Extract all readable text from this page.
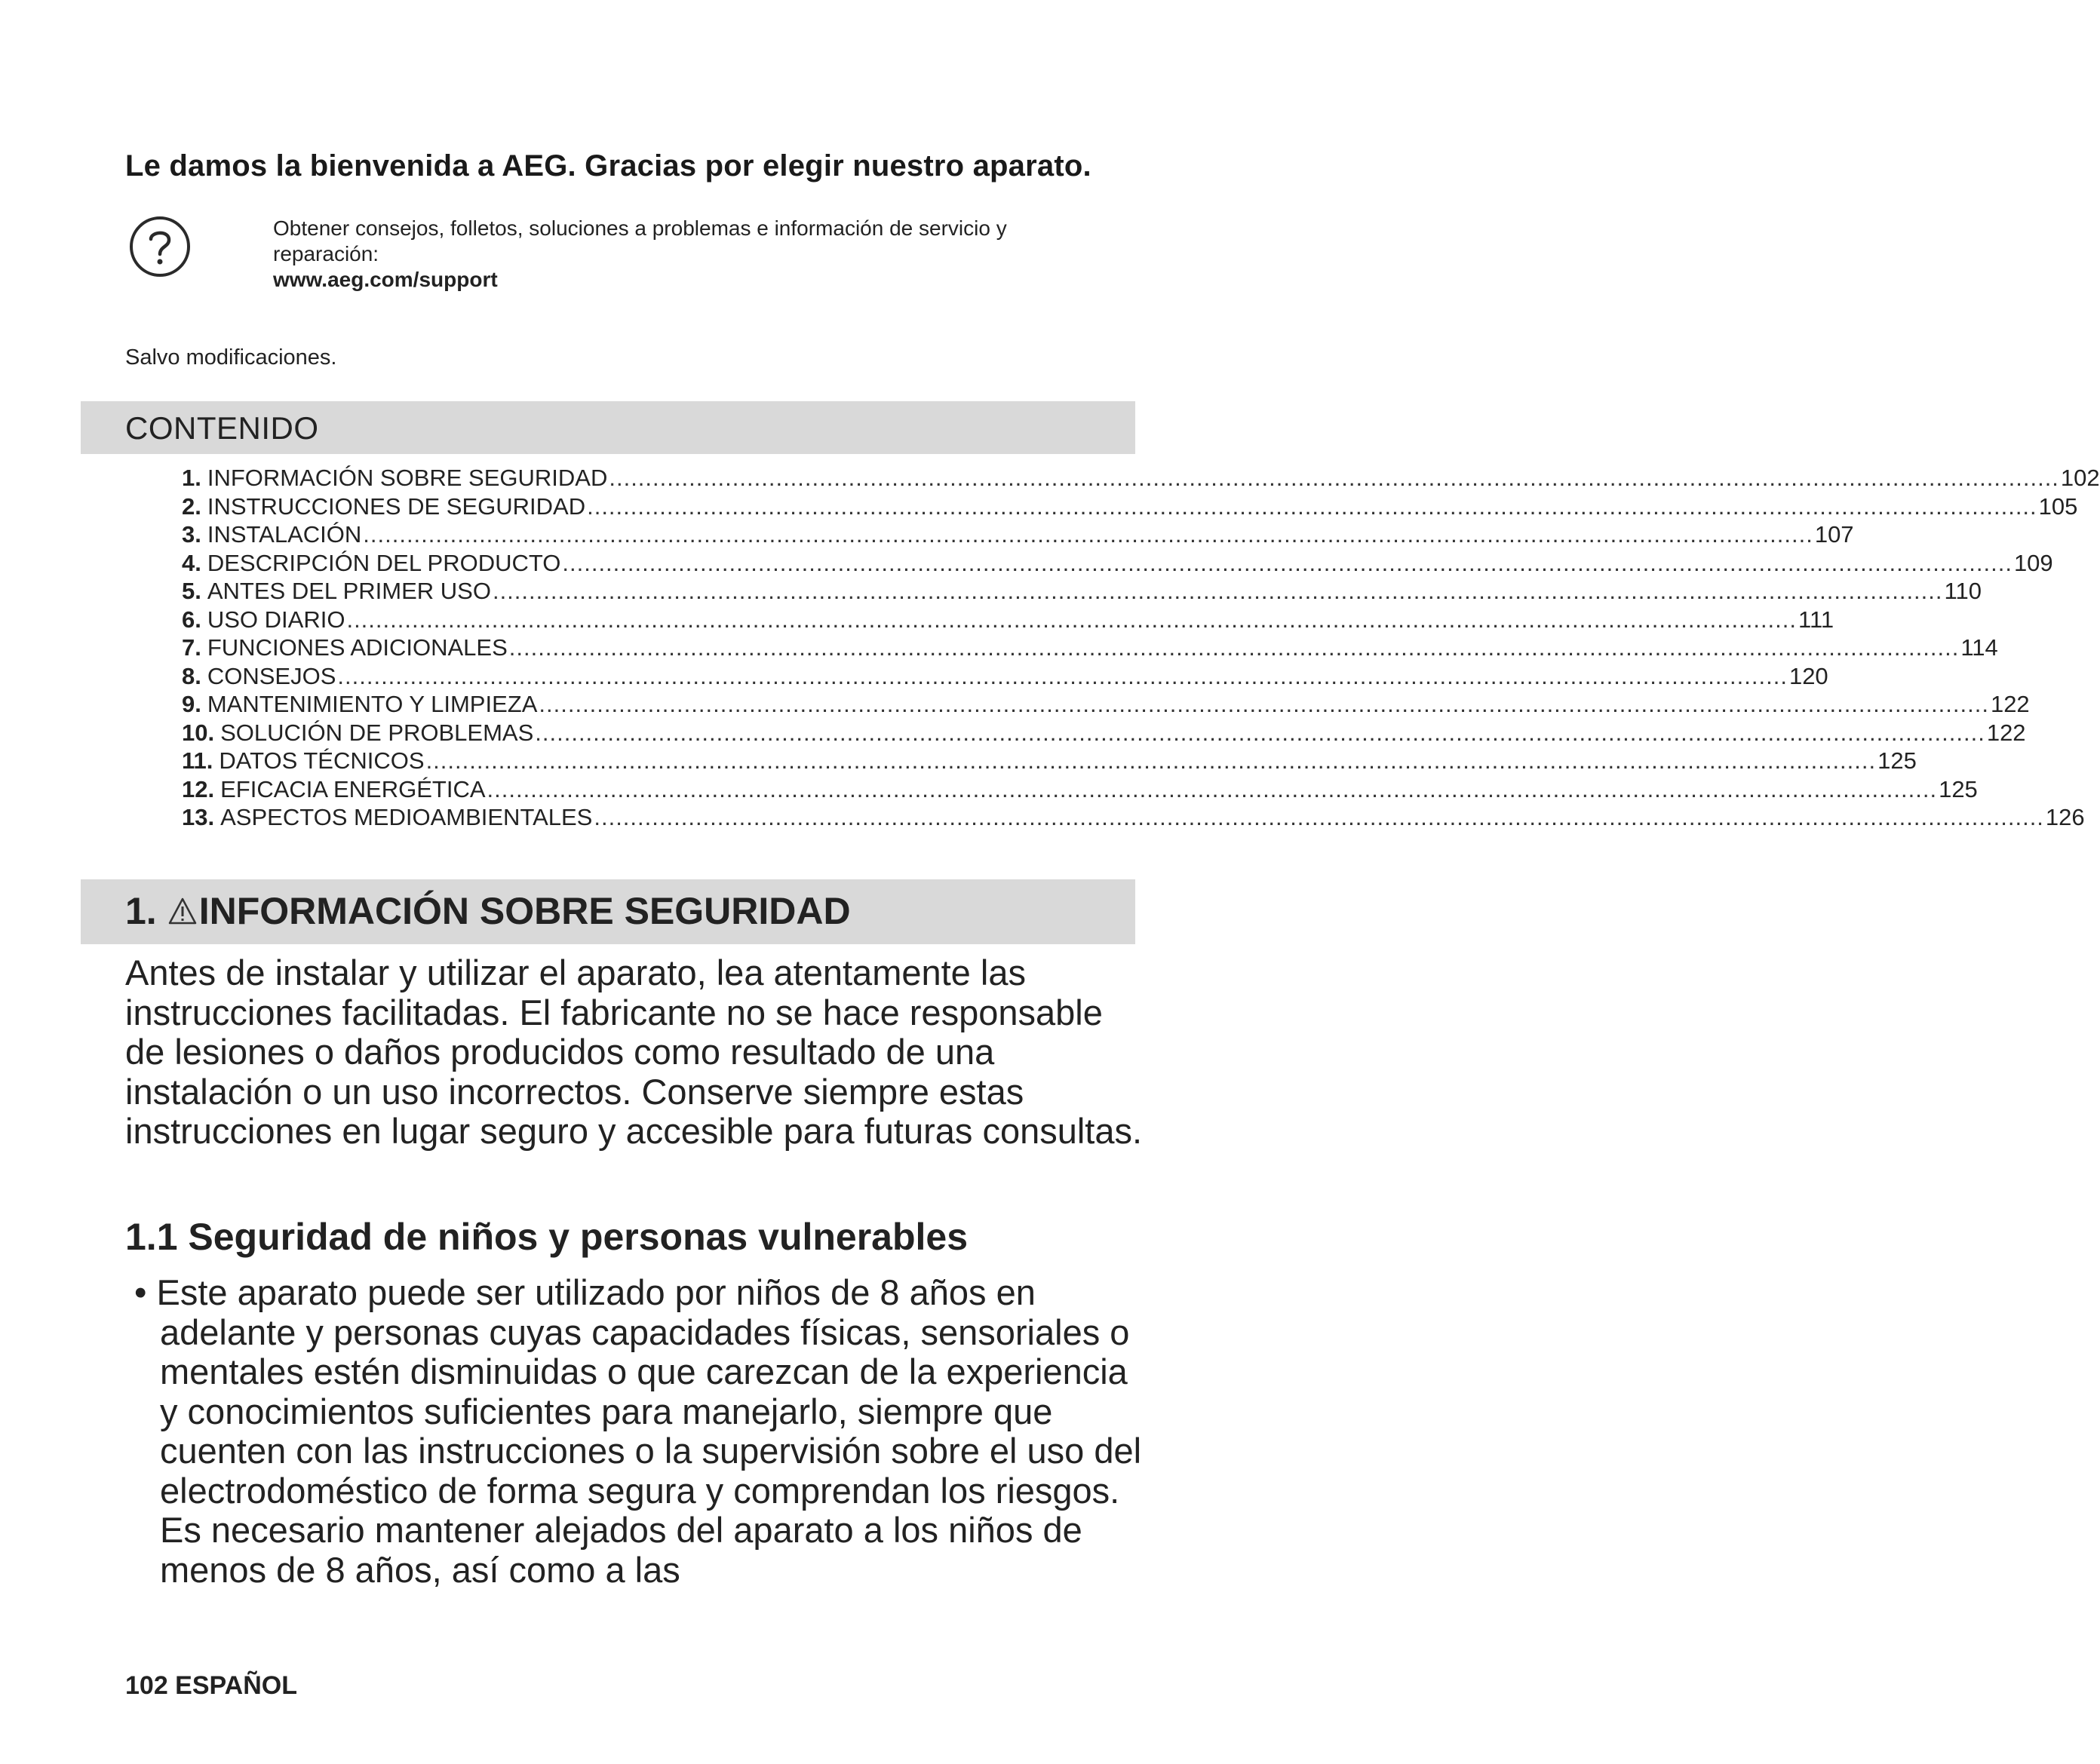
Le damos la bienvenida a AEG. Gracias por elegir nuestro aparato.
Obtener consejos, folletos, soluciones a problemas e información de servicio y
reparación:
www.aeg.com/support
Salvo modificaciones.
CONTENIDO
1. INFORMACIÓN SOBRE SEGURIDAD ........................................................................................................................................................................................................ 102
2. INSTRUCCIONES DE SEGURIDAD ........................................................................................................................................................................................................ 105
3. INSTALACIÓN ........................................................................................................................................................................................................ 107
4. DESCRIPCIÓN DEL PRODUCTO ........................................................................................................................................................................................................ 109
5. ANTES DEL PRIMER USO ........................................................................................................................................................................................................ 110
6. USO DIARIO ........................................................................................................................................................................................................ 111
7. FUNCIONES ADICIONALES ........................................................................................................................................................................................................ 114
8. CONSEJOS ........................................................................................................................................................................................................ 120
9. MANTENIMIENTO Y LIMPIEZA ........................................................................................................................................................................................................ 122
10. SOLUCIÓN DE PROBLEMAS ........................................................................................................................................................................................................ 122
11. DATOS TÉCNICOS ........................................................................................................................................................................................................ 125
12. EFICACIA ENERGÉTICA ........................................................................................................................................................................................................ 125
13. ASPECTOS MEDIOAMBIENTALES ........................................................................................................................................................................................................ 126
1. INFORMACIÓN SOBRE SEGURIDAD
Antes de instalar y utilizar el aparato, lea atentamente las instrucciones facilitadas. El fabricante no se hace responsable de lesiones o daños producidos como resultado de una instalación o un uso incorrectos. Conserve siempre estas instrucciones en lugar seguro y accesible para futuras consultas.
1.1 Seguridad de niños y personas vulnerables
• Este aparato puede ser utilizado por niños de 8 años en adelante y personas cuyas capacidades físicas, sensoriales o mentales estén disminuidas o que carezcan de la experiencia y conocimientos suficientes para manejarlo, siempre que cuenten con las instrucciones o la supervisión sobre el uso del electrodoméstico de forma segura y comprendan los riesgos. Es necesario mantener alejados del aparato a los niños de menos de 8 años, así como a las
102 ESPAÑOL
